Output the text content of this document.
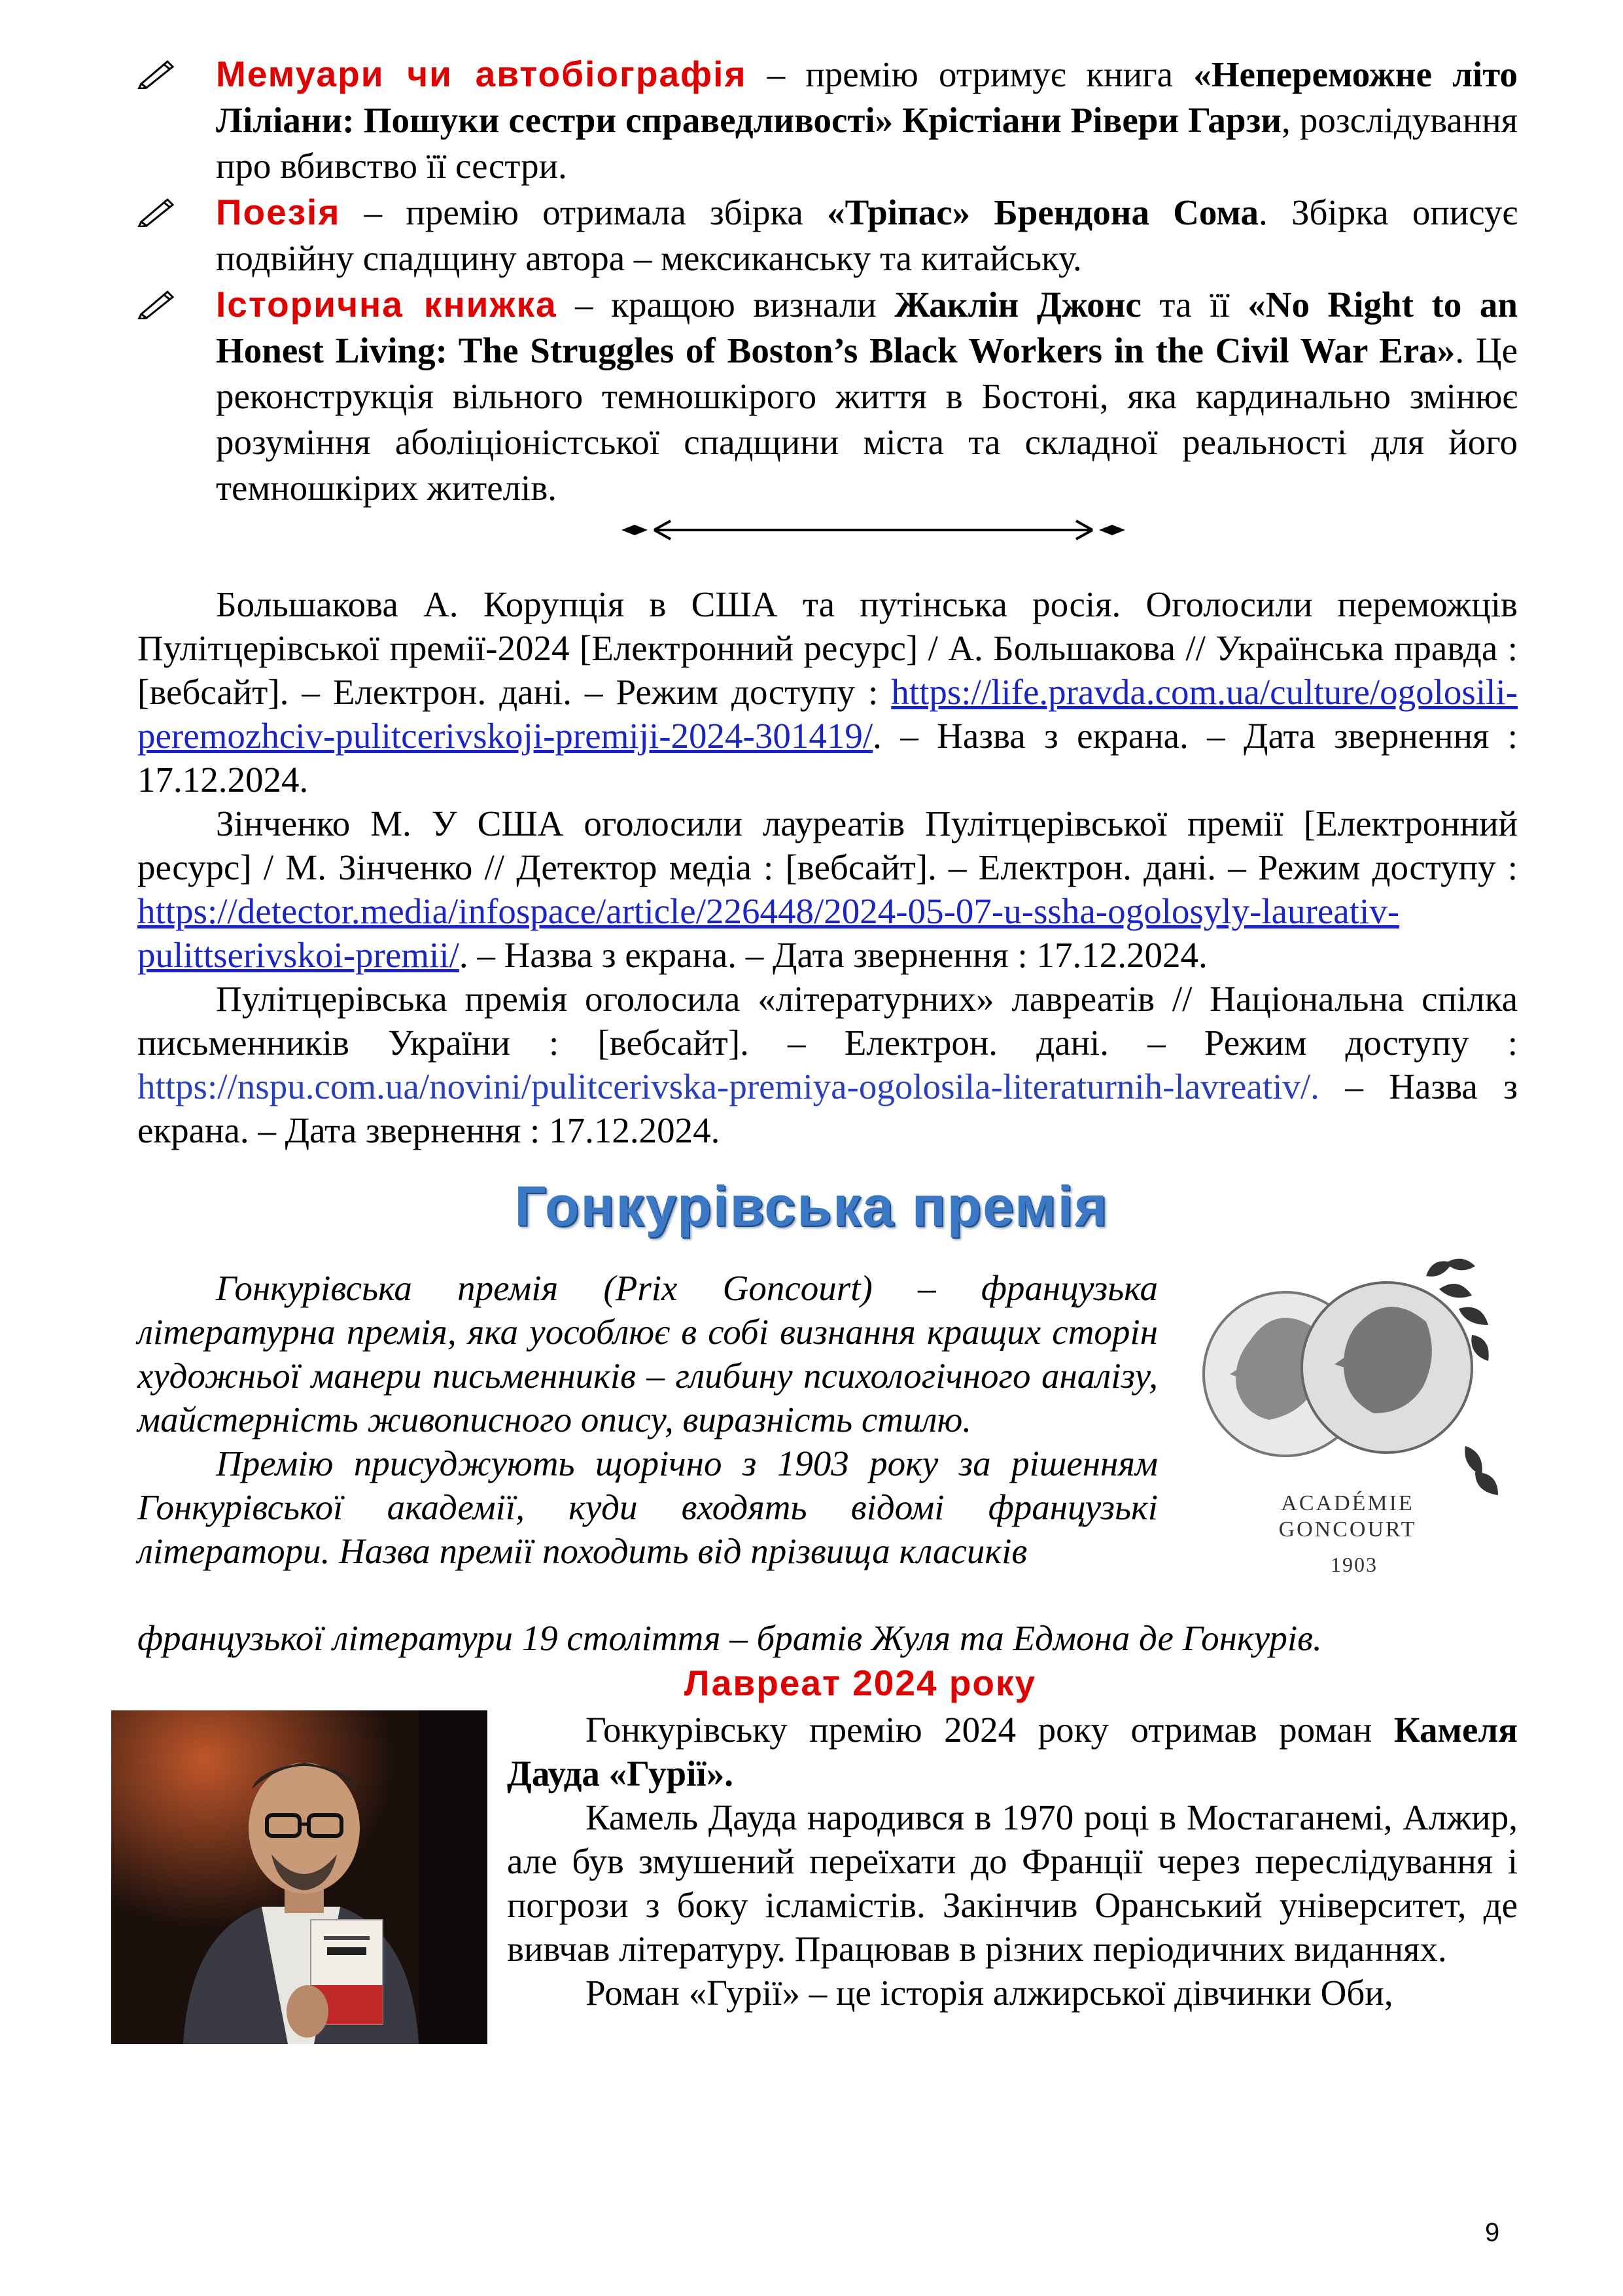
Мемуари чи автобіографія – премію отримує книга «Непереможне літо Ліліани: Пошуки сестри справедливості» Крістіани Рівери Гарзи, розслідування про вбивство її сестри.
Поезія – премію отримала збірка «Тріпас» Брендона Сома. Збірка описує подвійну спадщину автора – мексиканську та китайську.
Історична книжка – кращою визнали Жаклін Джонс та її «No Right to an Honest Living: The Struggles of Boston’s Black Workers in the Civil War Era». Це реконструкція вільного темношкірого життя в Бостоні, яка кардинально змінює розуміння аболіціоністської спадщини міста та складної реальності для його темношкірих жителів.

Большакова А. Корупція в США та путінська росія. Оголосили переможців Пулітцерівської премії-2024 [Електронний ресурс] / А. Большакова // Українська правда : [вебсайт]. – Електрон. дані. – Режим доступу : https://life.pravda.com.ua/culture/ogolosili-peremozhciv-pulitcerivskoji-premiji-2024-301419/. – Назва з екрана. – Дата звернення : 17.12.2024.

Зінченко М. У США оголосили лауреатів Пулітцерівської премії [Електронний ресурс] / М. Зінченко // Детектор медіа : [вебсайт]. – Електрон. дані. – Режим доступу : https://detector.media/infospace/article/226448/2024-05-07-u-ssha-ogolosyly-laureativ-pulittserivskoi-premii/. – Назва з екрана. – Дата звернення : 17.12.2024.

Пулітцерівська премія оголосила «літературних» лавреатів // Національна спілка письменників України : [вебсайт]. – Електрон. дані. – Режим доступу : https://nspu.com.ua/novini/pulitcerivska-premiya-ogolosila-literaturnih-lavreativ/. – Назва з екрана. – Дата звернення : 17.12.2024.

Гонкурівська премія

Гонкурівська премія (Prix Goncourt) – французька літературна премія, яка уособлює в собі визнання кращих сторін художньої манери письменників – глибину психологічного аналізу, майстерність живописного опису, виразність стилю.

Премію присуджують щорічно з 1903 року за рішенням Гонкурівської академії, куди входять відомі французькі літератори. Назва премії походить від прізвища класиків

французької літератури 19 століття – братів Жуля та Едмона де Гонкурів.
ACADÉMIE
GONCOURT
1903
Лавреат 2024 року

Гонкурівську премію 2024 року отримав роман Камеля Дауда «Гурії».

Камель Дауда народився в 1970 році в Мостаганемі, Алжир, але був змушений переїхати до Франції через переслідування і погрози з боку ісламістів. Закінчив Оранський університет, де вивчав літературу. Працював в різних періодичних виданнях.

Роман «Гурії» – це історія алжирської дівчинки Оби,

9
